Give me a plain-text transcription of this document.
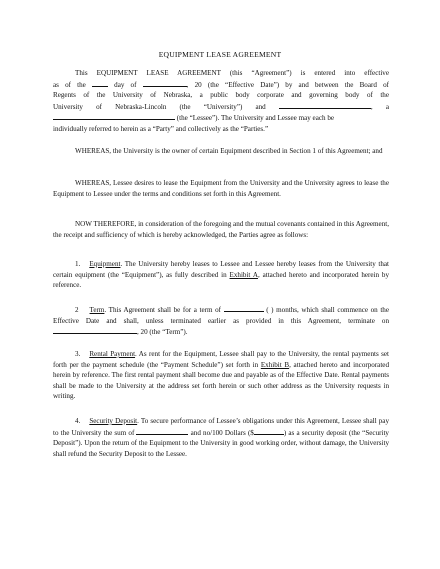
EQUIPMENT LEASE AGREEMENT
This EQUIPMENT LEASE AGREEMENT (this “Agreement”) is entered into effective
as of the	day of	, 20 (the “Effective Date”) by and between the Board of
Regents of the University of Nebraska, a public body corporate and governing body of the
University of Nebraska-Lincoln (the “University”) and	, a
(the “Lessee”). The University and Lessee may each be
individually referred to herein as a “Party” and collectively as the “Parties.”
WHEREAS, the University is the owner of certain Equipment described in Section 1 of this Agreement; and
WHEREAS, Lessee desires to lease the Equipment from the University and the University agrees to lease the Equipment to Lessee under the terms and conditions set forth in this Agreement.
NOW THEREFORE, in consideration of the foregoing and the mutual covenants contained in this Agreement, the receipt and sufficiency of which is hereby acknowledged, the Parties agree as follows:
1. Equipment. The University hereby leases to Lessee and Lessee hereby leases from the University that certain equipment (the “Equipment”), as fully described in Exhibit A, attached hereto and incorporated herein by reference.
2 Term. This Agreement shall be for a term of	( ) months, which shall commence on the Effective Date and shall, unless terminated earlier as provided in this Agreement, terminate on , 20 (the “Term”).
3. Rental Payment. As rent for the Equipment, Lessee shall pay to the University, the rental payments set forth per the payment schedule (the “Payment Schedule”) set forth in Exhibit B, attached hereto and incorporated herein by reference. The first rental payment shall become due and payable as of the Effective Date. Rental payments shall be made to the University at the address set forth herein or such other address as the University requests in writing.
4. Security Deposit. To secure performance of Lessee’s obligations under this Agreement, Lessee shall pay to the University the sum of	and no/100 Dollars ($	) as a security deposit (the “Security Deposit”). Upon the return of the Equipment to the University in good working order, without damage, the University shall refund the Security Deposit to the Lessee.
